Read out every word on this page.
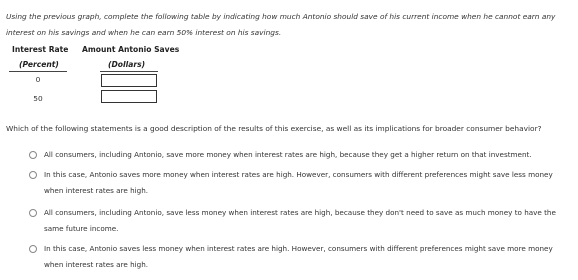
Using the previous graph, complete the following table by indicating how much Antonio should save of his current income when he cannot earn any interest on his savings and when he can earn 50% interest on his savings.
Interest Rate Amount Antonio Saves
(Percent)	(Dollars)
0
50
Which of the following statements is a good description of the results of this exercise, as well as its implications for broader consumer behavior?
All consumers, including Antonio, save more money when interest rates are high, because they get a higher return on that investment.
In this case, Antonio saves more money when interest rates are high. However, consumers with different preferences might save less money when interest rates are high.
All consumers, including Antonio, save less money when interest rates are high, because they don't need to save as much money to have the same future income.
In this case, Antonio saves less money when interest rates are high. However, consumers with different preferences might save more money when interest rates are high.
